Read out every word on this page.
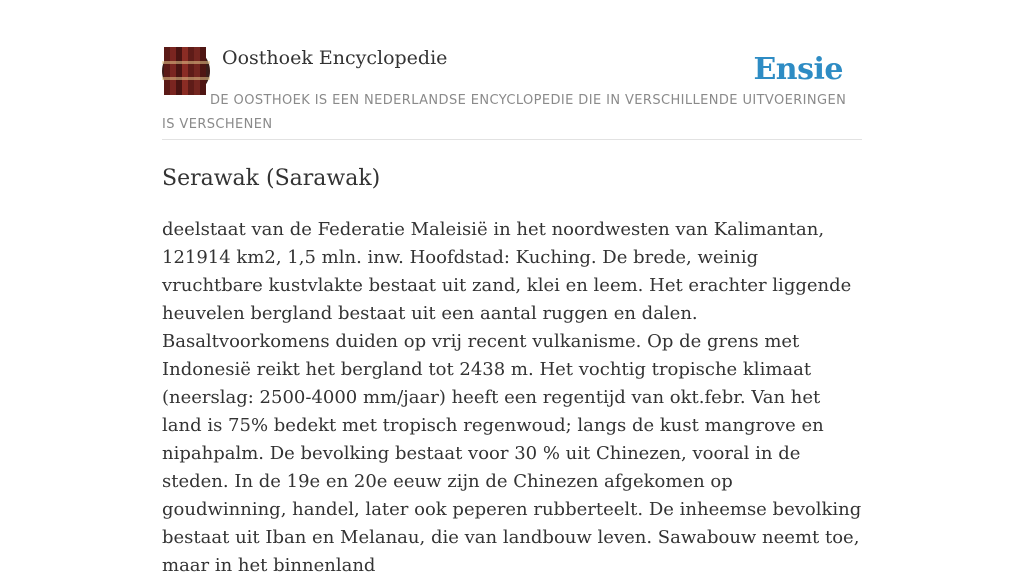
Oosthoek Encyclopedie	Ensie
DE OOSTHOEK IS EEN NEDERLANDSE ENCYCLOPEDIE DIE IN VERSCHILLENDE UITVOERINGEN IS VERSCHENEN
Serawak (Sarawak)

deelstaat van de Federatie Maleisië in het noordwesten van Kalimantan, 121914 km2, 1,5 mln. inw. Hoofdstad: Kuching. De brede, weinig vruchtbare kustvlakte bestaat uit zand, klei en leem. Het erachter liggende heuvelen bergland bestaat uit een aantal ruggen en dalen. Basaltvoorkomens duiden op vrij recent vulkanisme. Op de grens met Indonesië reikt het bergland tot 2438 m. Het vochtig tropische klimaat (neerslag: 2500-4000 mm/jaar) heeft een regentijd van okt.febr. Van het land is 75% bedekt met tropisch regenwoud; langs de kust mangrove en nipahpalm. De bevolking bestaat voor 30 % uit Chinezen, vooral in de steden. In de 19e en 20e eeuw zijn de Chinezen afgekomen op goudwinning, handel, later ook peperen rubberteelt. De inheemse bevolking bestaat uit Iban en Melanau, die van landbouw leven. Sawabouw neemt toe, maar in het binnenland
